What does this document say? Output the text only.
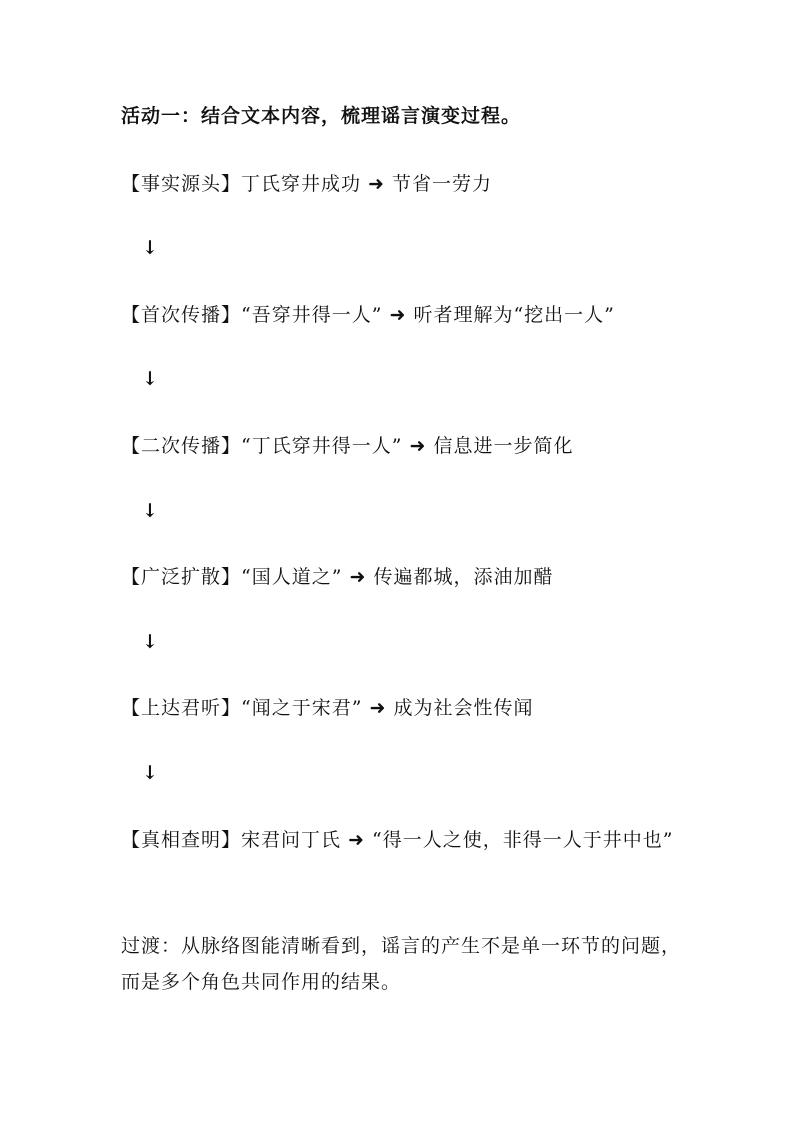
活动一：结合文本内容，梳理谣言演变过程。
【事实源头】丁氏穿井成功 ➜ 节省一劳力
↓
【首次传播】“吾穿井得一人” ➜ 听者理解为“挖出一人”
↓
【二次传播】“丁氏穿井得一人” ➜ 信息进一步简化
↓
【广泛扩散】“国人道之” ➜ 传遍都城，添油加醋
↓
【上达君听】“闻之于宋君” ➜ 成为社会性传闻
↓
【真相查明】宋君问丁氏 ➜ “得一人之使，非得一人于井中也”
过渡：从脉络图能清晰看到，谣言的产生不是单一环节的问题，而是多个角色共同作用的结果。
